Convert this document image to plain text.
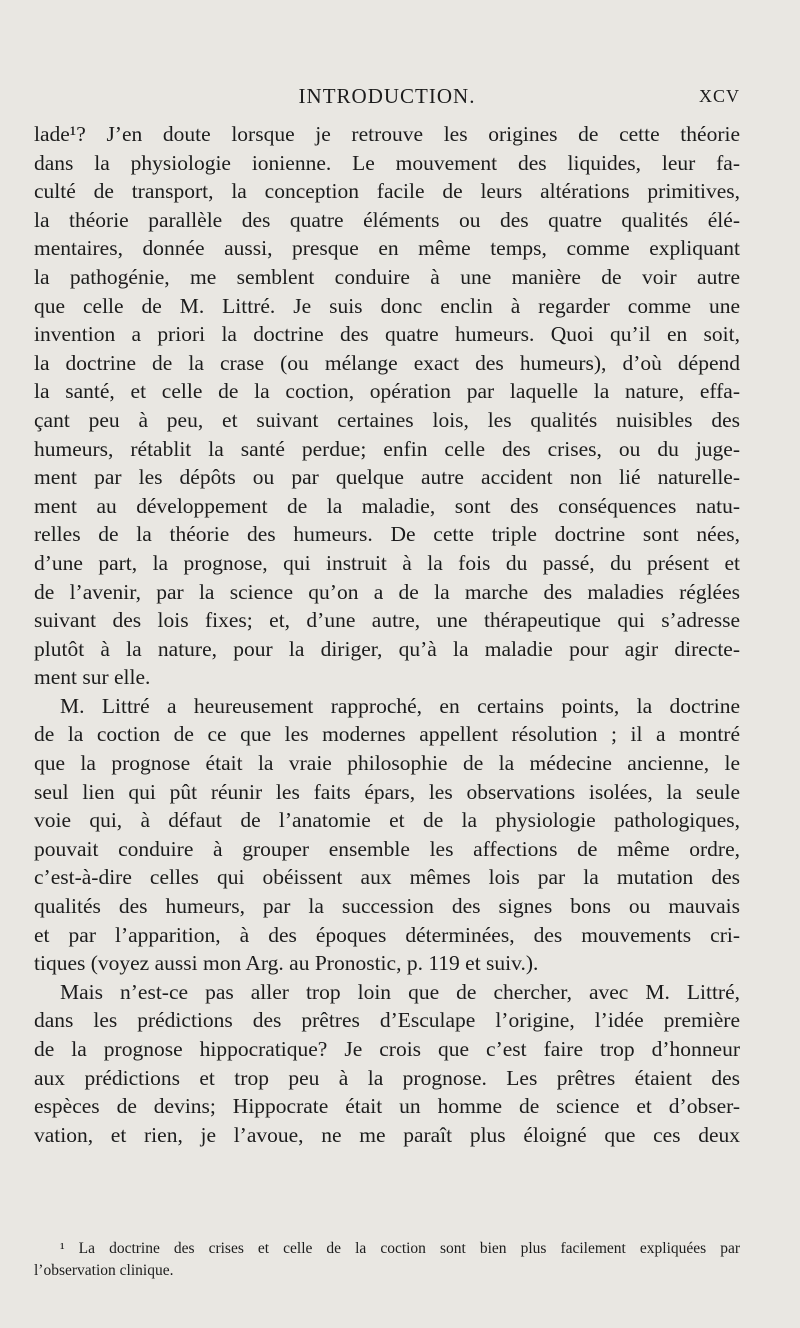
INTRODUCTION.	XCV
lade¹? J’en doute lorsque je retrouve les origines de cette théorie
dans la physiologie ionienne. Le mouvement des liquides, leur fa-
culté de transport, la conception facile de leurs altérations primitives,
la théorie parallèle des quatre éléments ou des quatre qualités élé-
mentaires, donnée aussi, presque en même temps, comme expliquant
la pathogénie, me semblent conduire à une manière de voir autre
que celle de M. Littré. Je suis donc enclin à regarder comme une
invention a priori la doctrine des quatre humeurs. Quoi qu’il en soit,
la doctrine de la crase (ou mélange exact des humeurs), d’où dépend
la santé, et celle de la coction, opération par laquelle la nature, effa-
çant peu à peu, et suivant certaines lois, les qualités nuisibles des
humeurs, rétablit la santé perdue; enfin celle des crises, ou du juge-
ment par les dépôts ou par quelque autre accident non lié naturelle-
ment au développement de la maladie, sont des conséquences natu-
relles de la théorie des humeurs. De cette triple doctrine sont nées,
d’une part, la prognose, qui instruit à la fois du passé, du présent et
de l’avenir, par la science qu’on a de la marche des maladies réglées
suivant des lois fixes; et, d’une autre, une thérapeutique qui s’adresse
plutôt à la nature, pour la diriger, qu’à la maladie pour agir directe-
ment sur elle.
M. Littré a heureusement rapproché, en certains points, la doctrine
de la coction de ce que les modernes appellent résolution ; il a montré
que la prognose était la vraie philosophie de la médecine ancienne, le
seul lien qui pût réunir les faits épars, les observations isolées, la seule
voie qui, à défaut de l’anatomie et de la physiologie pathologiques,
pouvait conduire à grouper ensemble les affections de même ordre,
c’est-à-dire celles qui obéissent aux mêmes lois par la mutation des
qualités des humeurs, par la succession des signes bons ou mauvais
et par l’apparition, à des époques déterminées, des mouvements cri-
tiques (voyez aussi mon Arg. au Pronostic, p. 119 et suiv.).
Mais n’est-ce pas aller trop loin que de chercher, avec M. Littré,
dans les prédictions des prêtres d’Esculape l’origine, l’idée première
de la prognose hippocratique? Je crois que c’est faire trop d’honneur
aux prédictions et trop peu à la prognose. Les prêtres étaient des
espèces de devins; Hippocrate était un homme de science et d’obser-
vation, et rien, je l’avoue, ne me paraît plus éloigné que ces deux
¹ La doctrine des crises et celle de la coction sont bien plus facilement expliquées par
l’observation clinique.
